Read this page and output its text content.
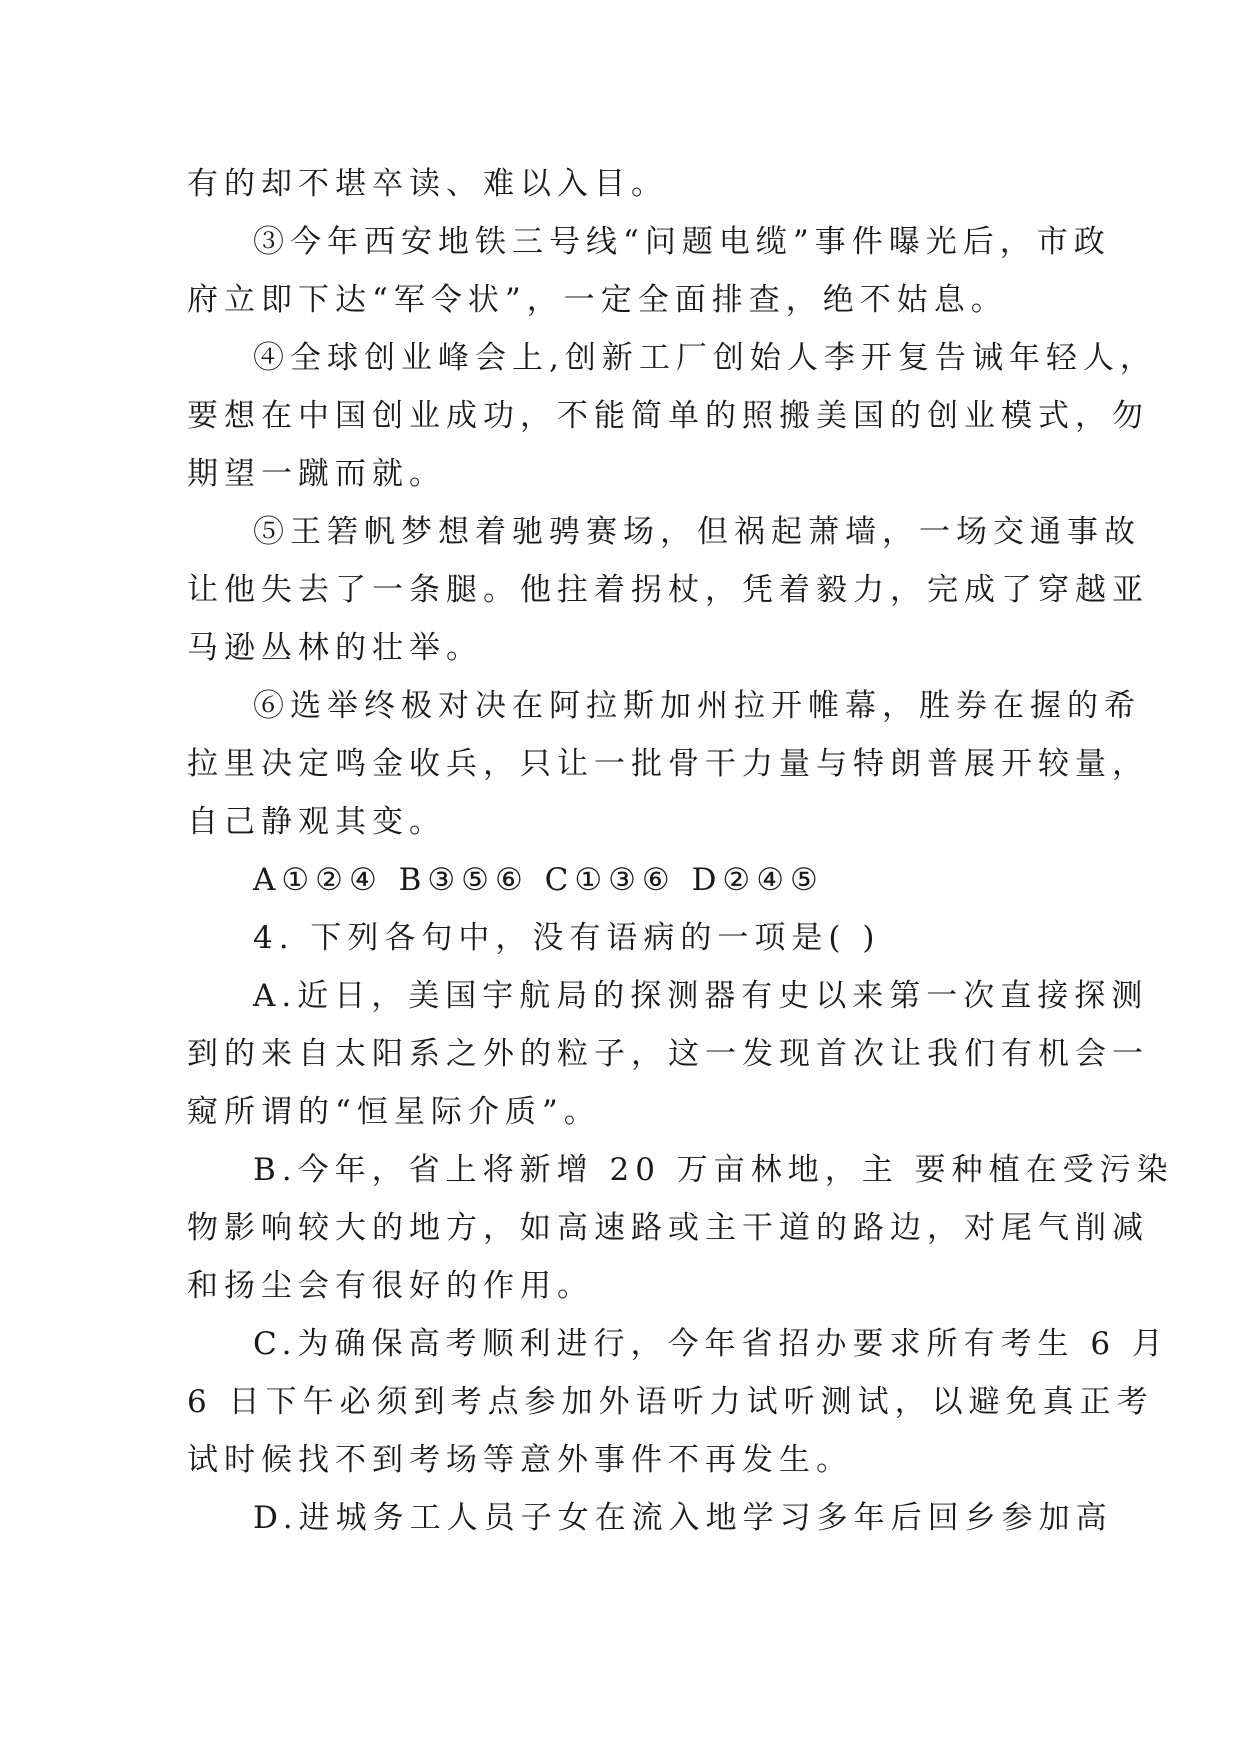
有的却不堪卒读、难以入目。
③今年西安地铁三号线“问题电缆”事件曝光后，市政
府立即下达“军令状”，一定全面排查，绝不姑息。
④全球创业峰会上,创新工厂创始人李开复告诫年轻人，
要想在中国创业成功，不能简单的照搬美国的创业模式，勿
期望一蹴而就。
⑤王箬帆梦想着驰骋赛场，但祸起萧墙，一场交通事故
让他失去了一条腿。他拄着拐杖，凭着毅力，完成了穿越亚
马逊丛林的壮举。
⑥选举终极对决在阿拉斯加州拉开帷幕，胜券在握的希
拉里决定鸣金收兵，只让一批骨干力量与特朗普展开较量，
自己静观其变。
A①②④ B③⑤⑥ C①③⑥ D②④⑤
4. 下列各句中，没有语病的一项是( )
A.近日，美国宇航局的探测器有史以来第一次直接探测
到的来自太阳系之外的粒子，这一发现首次让我们有机会一
窥所谓的“恒星际介质”。
B.今年，省上将新增 20 万亩林地，主 要种植在受污染
物影响较大的地方，如高速路或主干道的路边，对尾气削减
和扬尘会有很好的作用。
C.为确保高考顺利进行，今年省招办要求所有考生 6 月
6 日下午必须到考点参加外语听力试听测试，以避免真正考
试时候找不到考场等意外事件不再发生。
D.进城务工人员子女在流入地学习多年后回乡参加高
